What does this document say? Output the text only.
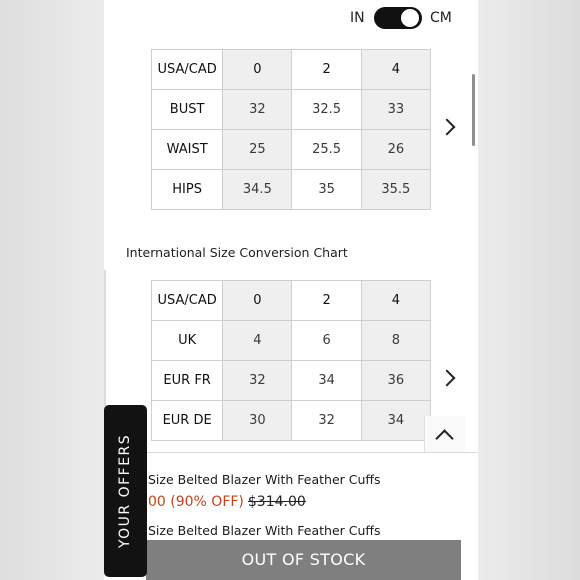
IN	CM
USA/CAD	0	2	4
BUST	32	32.5	33
WAIST	25	25.5	26
HIPS	34.5	35	35.5
International Size Conversion Chart
USA/CAD	0	2	4
UK	4	6	8
EUR FR	32	34	36
EUR DE	30	32	34
Size Belted Blazer With Feather Cuffs
00 (90% OFF) $314.00
Size Belted Blazer With Feather Cuffs
OUT OF STOCK
YOUR OFFERS
